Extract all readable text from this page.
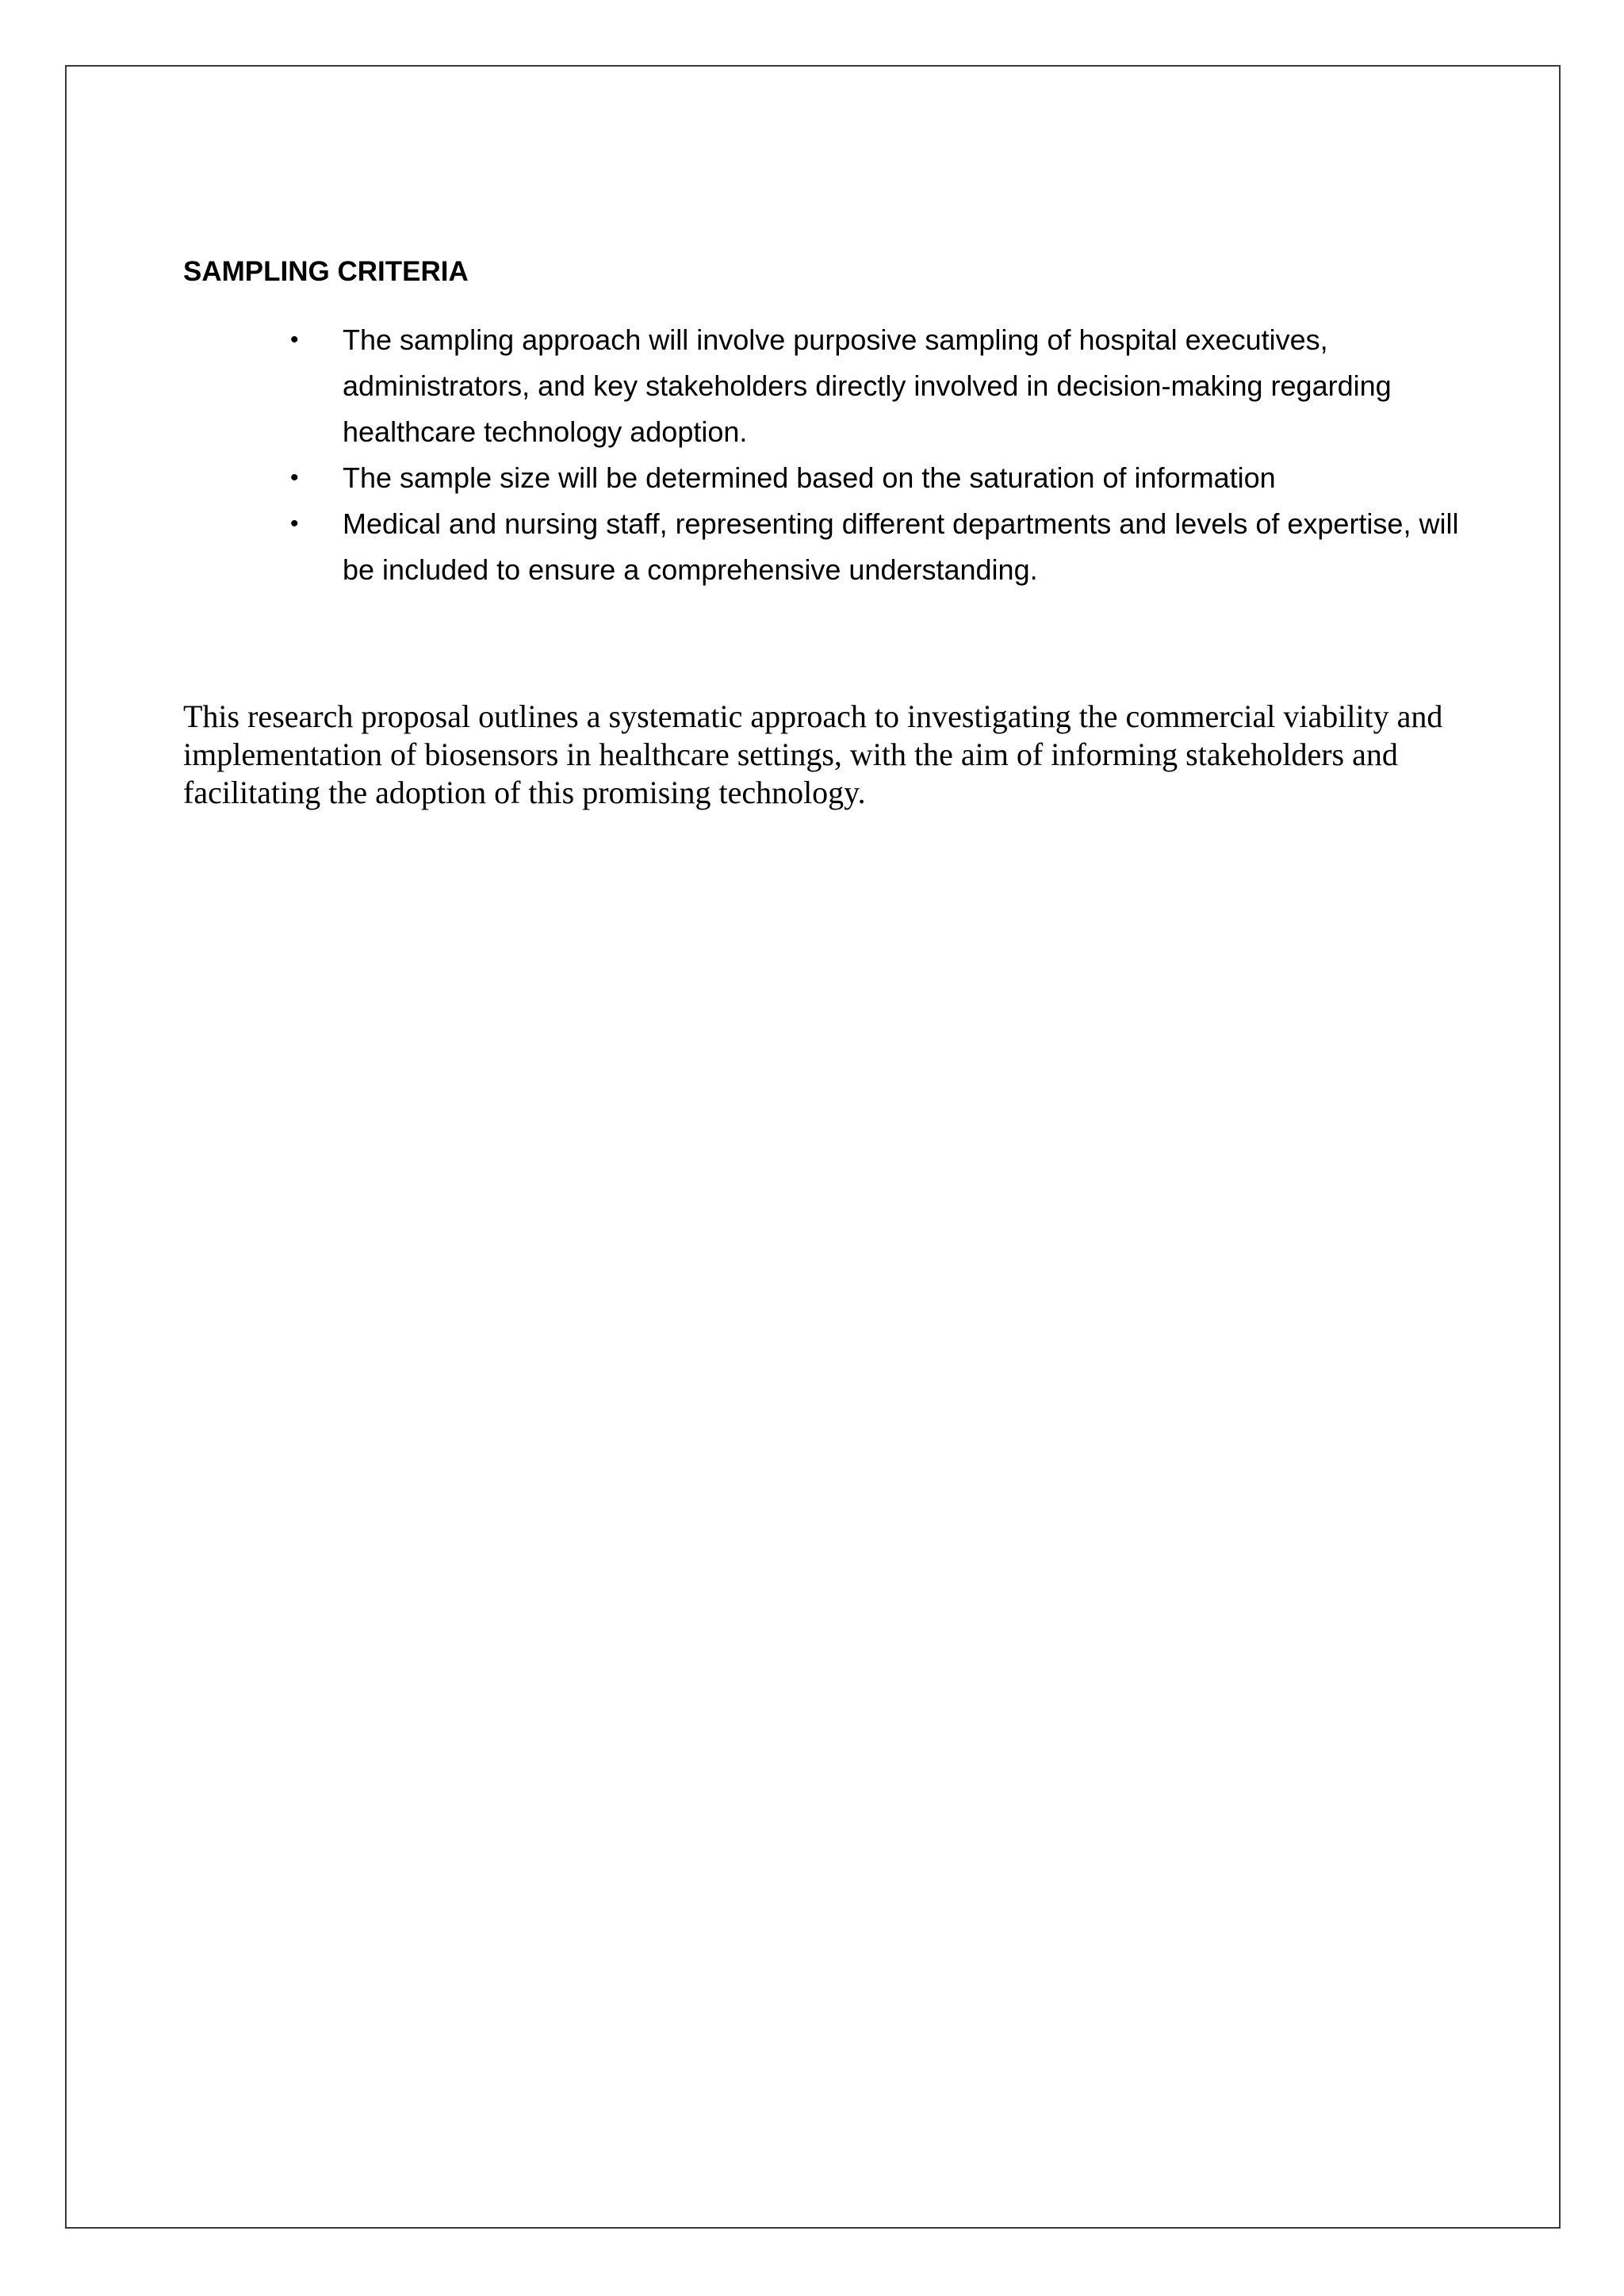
SAMPLING CRITERIA
• The sampling approach will involve purposive sampling of hospital executives, administrators, and key stakeholders directly involved in decision-making regarding healthcare technology adoption.
• The sample size will be determined based on the saturation of information
• Medical and nursing staff, representing different departments and levels of expertise, will be included to ensure a comprehensive understanding.

This research proposal outlines a systematic approach to investigating the commercial viability and implementation of biosensors in healthcare settings, with the aim of informing stakeholders and facilitating the adoption of this promising technology.
